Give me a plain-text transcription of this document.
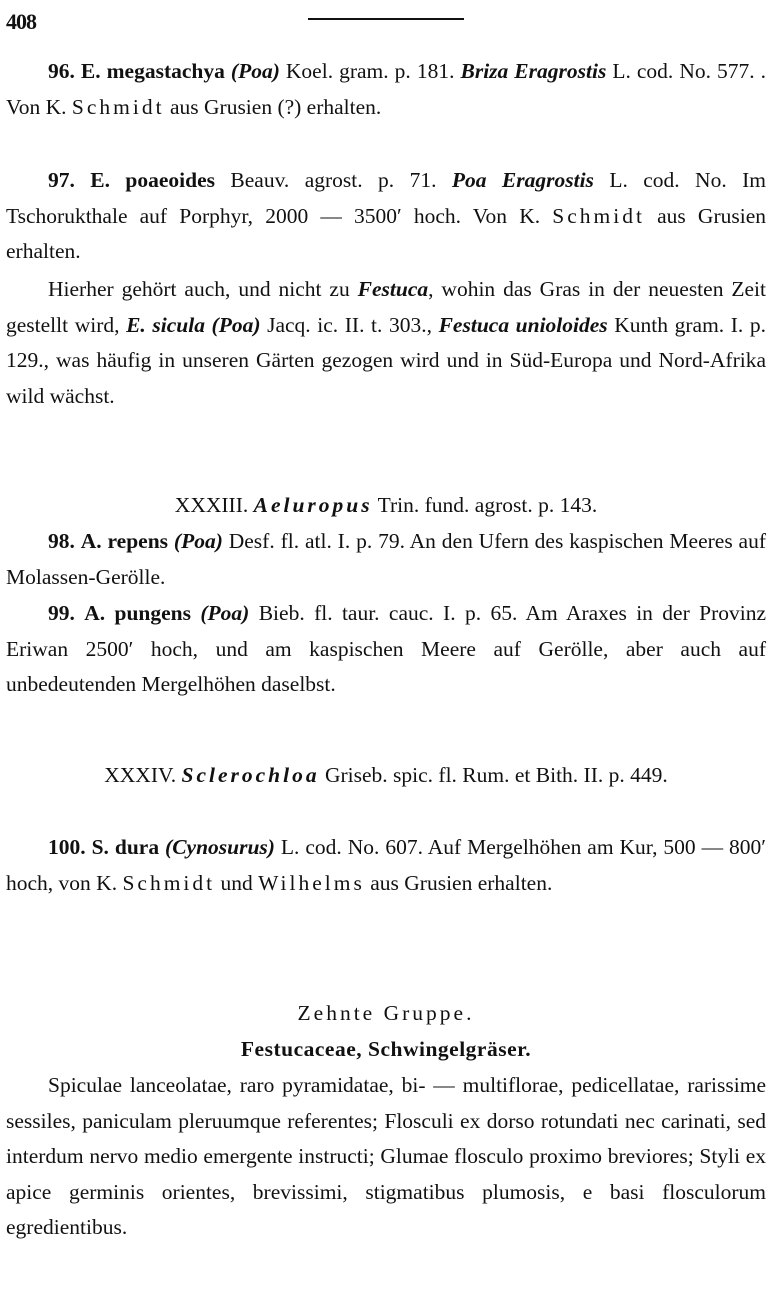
408

96. E. megastachya (Poa) Koel. gram. p. 181. Briza Eragrostis L. cod. No. 577. . Von K. Schmidt aus Grusien (?) erhalten.

97. E. poaeoides Beauv. agrost. p. 71. Poa Eragrostis L. cod. No. Im Tschorukthale auf Porphyr, 2000 — 3500′ hoch. Von K. Schmidt aus Grusien erhalten.

Hierher gehört auch, und nicht zu Festuca, wohin das Gras in der neuesten Zeit gestellt wird, E. sicula (Poa) Jacq. ic. II. t. 303., Festuca unioloides Kunth gram. I. p. 129., was häufig in unseren Gärten gezogen wird und in Süd-Europa und Nord-Afrika wild wächst.

XXXIII. Aeluropus Trin. fund. agrost. p. 143.

98. A. repens (Poa) Desf. fl. atl. I. p. 79. An den Ufern des kaspischen Meeres auf Molassen-Gerölle.

99. A. pungens (Poa) Bieb. fl. taur. cauc. I. p. 65. Am Araxes in der Provinz Eriwan 2500′ hoch, und am kaspischen Meere auf Gerölle, aber auch auf unbedeutenden Mergelhöhen daselbst.

XXXIV. Sclerochloa Griseb. spic. fl. Rum. et Bith. II. p. 449.

100. S. dura (Cynosurus) L. cod. No. 607. Auf Mergelhöhen am Kur, 500 — 800′ hoch, von K. Schmidt und Wilhelms aus Grusien erhalten.

Zehnte Gruppe.

Festucaceae, Schwingelgräser.

Spiculae lanceolatae, raro pyramidatae, bi- — multiflorae, pedicellatae, rarissime sessiles, paniculam pleruumque referentes; Flosculi ex dorso rotundati nec carinati, sed interdum nervo medio emergente instructi; Glumae flosculo proximo breviores; Styli ex apice germinis orientes, brevissimi, stigmatibus plumosis, e basi flosculorum egredientibus.
